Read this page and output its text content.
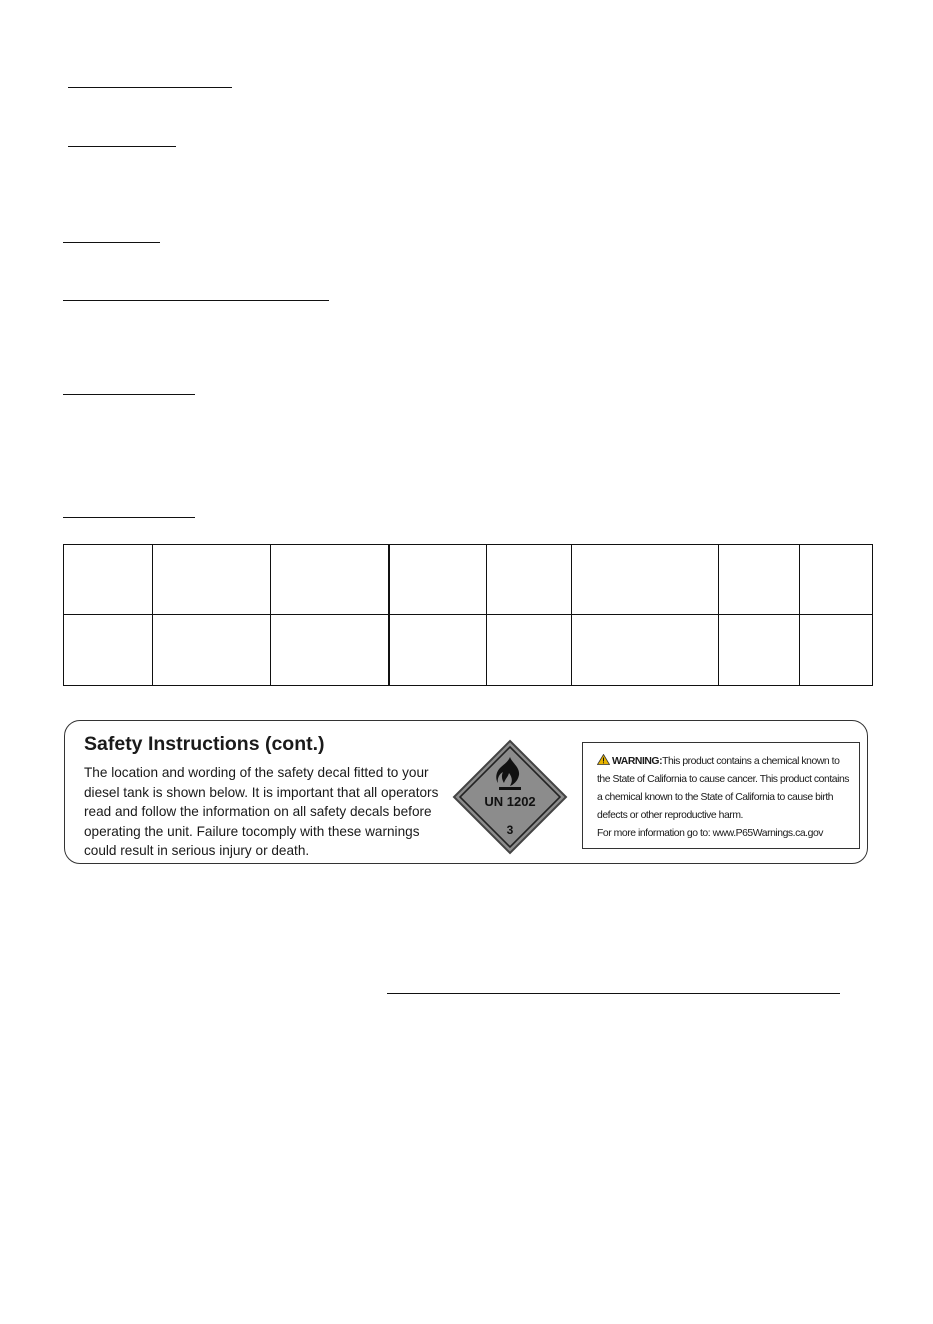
Safety Instructions (cont.)

The location and wording of the safety decal fitted to your diesel tank is shown below. It is important that all operators read and follow the information on all safety decals before operating the unit. Failure tocomply with these warnings could result in serious injury or death.

UN 1202
3
WARNING:This product contains a chemical known to the State of California to cause cancer. This product contains a chemical known to the State of California to cause birth defects or other reproductive harm.
For more information go to: www.P65Warnings.ca.gov
